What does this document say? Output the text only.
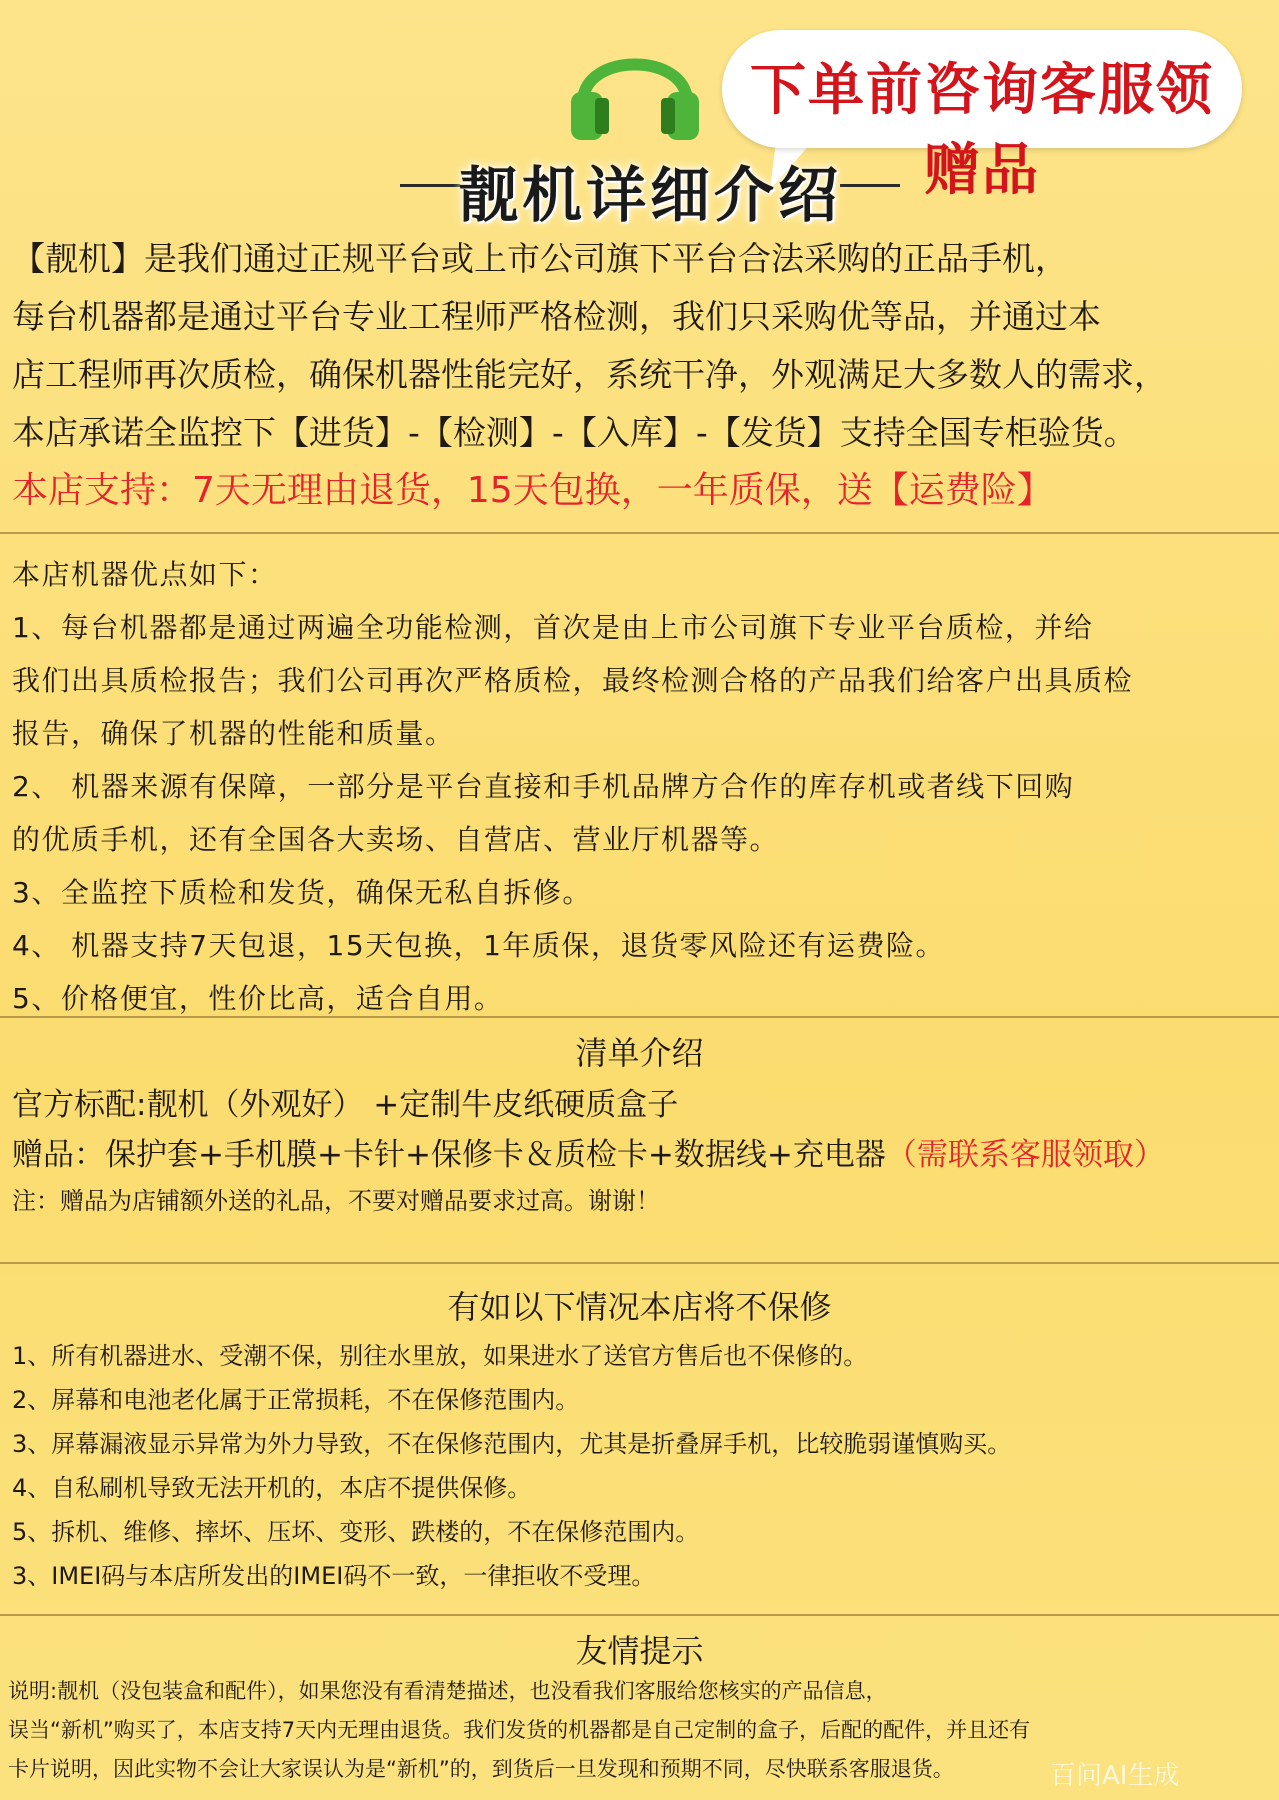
下单前咨询客服领赠品
靓机详细介绍

【靓机】是我们通过正规平台或上市公司旗下平台合法采购的正品手机，

每台机器都是通过平台专业工程师严格检测，我们只采购优等品，并通过本

店工程师再次质检，确保机器性能完好，系统干净，外观满足大多数人的需求，

本店承诺全监控下【进货】-【检测】-【入库】-【发货】支持全国专柜验货。

本店支持：7天无理由退货，15天包换，一年质保，送【运费险】

本店机器优点如下：

1、每台机器都是通过两遍全功能检测，首次是由上市公司旗下专业平台质检，并给

我们出具质检报告；我们公司再次严格质检，最终检测合格的产品我们给客户出具质检

报告，确保了机器的性能和质量。

2、 机器来源有保障，一部分是平台直接和手机品牌方合作的库存机或者线下回购

的优质手机，还有全国各大卖场、自营店、营业厅机器等。

3、全监控下质检和发货，确保无私自拆修。

4、 机器支持7天包退，15天包换，1年质保，退货零风险还有运费险。

5、价格便宜，性价比高，适合自用。

清单介绍

官方标配:靓机（外观好） +定制牛皮纸硬质盒子

赠品：保护套+手机膜+卡针+保修卡＆质检卡+数据线+充电器（需联系客服领取）

注：赠品为店铺额外送的礼品，不要对赠品要求过高。谢谢！

有如以下情况本店将不保修

1、所有机器进水、受潮不保，别往水里放，如果进水了送官方售后也不保修的。

2、屏幕和电池老化属于正常损耗，不在保修范围内。

3、屏幕漏液显示异常为外力导致，不在保修范围内，尤其是折叠屏手机，比较脆弱谨慎购买。

4、自私刷机导致无法开机的，本店不提供保修。

5、拆机、维修、摔坏、压坏、变形、跌楼的，不在保修范围内。

3、IMEI码与本店所发出的IMEI码不一致，一律拒收不受理。

友情提示

说明:靓机（没包装盒和配件），如果您没有看清楚描述，也没看我们客服给您核实的产品信息，

误当“新机”购买了，本店支持7天内无理由退货。我们发货的机器都是自己定制的盒子，后配的配件，并且还有

卡片说明，因此实物不会让大家误认为是“新机”的，到货后一旦发现和预期不同，尽快联系客服退货。	百问AI生成
